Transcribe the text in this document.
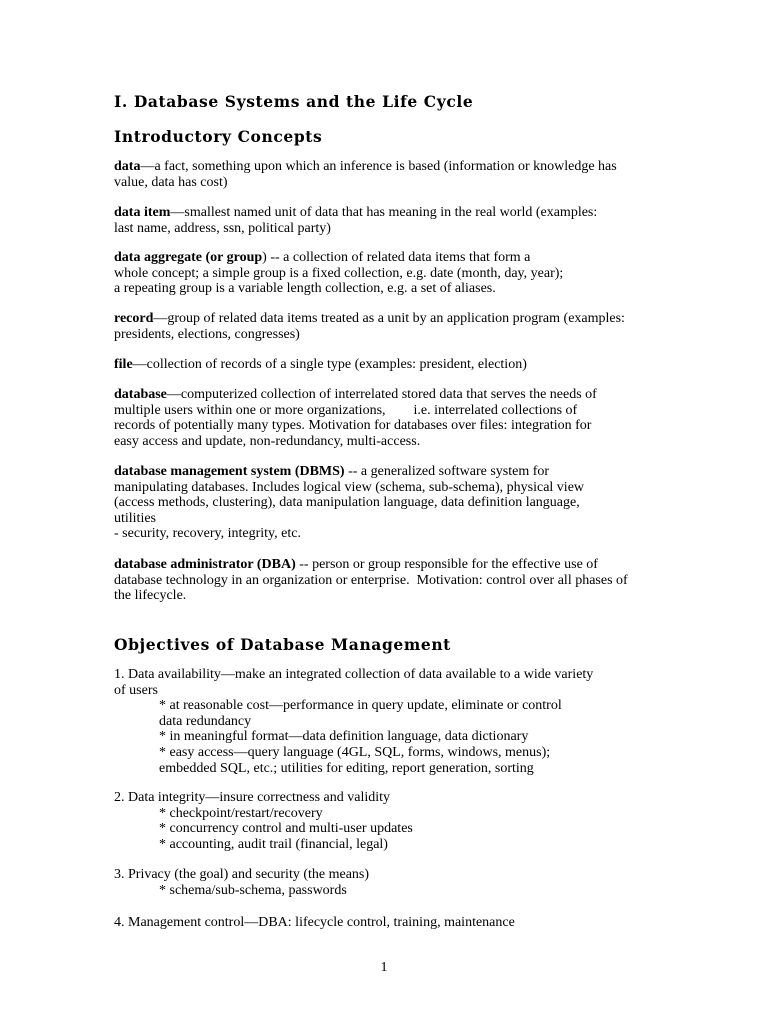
I. Database Systems and the Life Cycle
Introductory Concepts
data—a fact, something upon which an inference is based (information or knowledge has
value, data has cost)
data item—smallest named unit of data that has meaning in the real world (examples:
last name, address, ssn, political party)
data aggregate (or group) -- a collection of related data items that form a
whole concept; a simple group is a fixed collection, e.g. date (month, day, year);
a repeating group is a variable length collection, e.g. a set of aliases.
record—group of related data items treated as a unit by an application program (examples:
presidents, elections, congresses)
file—collection of records of a single type (examples: president, election)
database—computerized collection of interrelated stored data that serves the needs of
multiple users within one or more organizations,        i.e. interrelated collections of
records of potentially many types. Motivation for databases over files: integration for
easy access and update, non-redundancy, multi-access.
database management system (DBMS) -- a generalized software system for
manipulating databases. Includes logical view (schema, sub-schema), physical view
(access methods, clustering), data manipulation language, data definition language,
utilities
- security, recovery, integrity, etc.
database administrator (DBA) -- person or group responsible for the effective use of
database technology in an organization or enterprise.  Motivation: control over all phases of
the lifecycle.
Objectives of Database Management
1. Data availability—make an integrated collection of data available to a wide variety
of users
* at reasonable cost—performance in query update, eliminate or control
data redundancy
* in meaningful format—data definition language, data dictionary
* easy access—query language (4GL, SQL, forms, windows, menus);
embedded SQL, etc.; utilities for editing, report generation, sorting
2. Data integrity—insure correctness and validity
* checkpoint/restart/recovery
* concurrency control and multi-user updates
* accounting, audit trail (financial, legal)
3. Privacy (the goal) and security (the means)
* schema/sub-schema, passwords
4. Management control—DBA: lifecycle control, training, maintenance
1
